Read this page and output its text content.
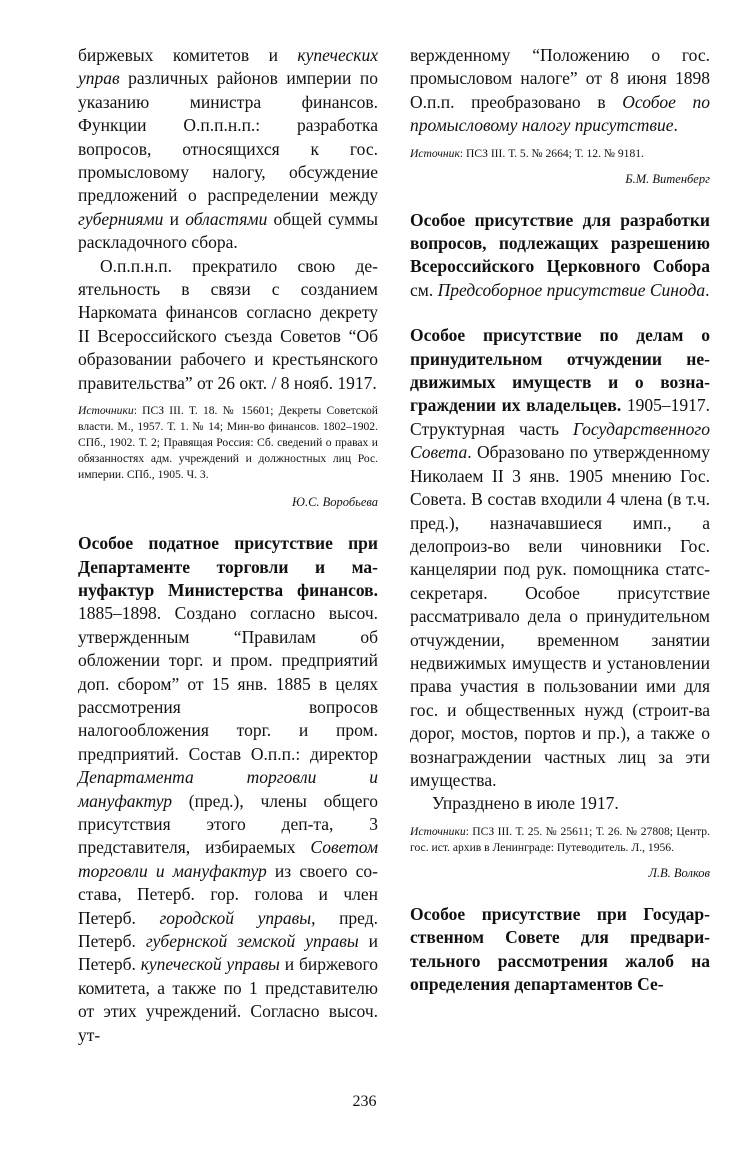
биржевых комитетов и купеческих управ различных районов империи по указанию министра финансов. Функции О.п.п.н.п.: разработка вопросов, относящихся к гос. промысловому налогу, обсуждение предложений о распределении между губерниями и областями общей суммы раскладочного сбора.

О.п.п.н.п. прекратило свою деятельность в связи с созданием Наркомата финансов согласно декрету II Всероссийского съезда Советов “Об образовании рабочего и крестьянского правительства” от 26 окт. / 8 нояб. 1917.

Источники: ПСЗ III. Т. 18. № 15601; Декреты Советской власти. М., 1957. Т. 1. № 14; Мин-во финансов. 1802–1902. СПб., 1902. Т. 2; Правящая Россия: Сб. сведений о правах и обязанностях адм. учреждений и должностных лиц Рос. империи. СПб., 1905. Ч. 3.

Ю.С. Воробьева

Особое податное присутствие при Департаменте торговли и мануфактур Министерства финансов. 1885–1898. Создано согласно высоч. утвержденным “Правилам об обложении торг. и пром. предприятий доп. сбором” от 15 янв. 1885 в целях рассмотрения вопросов налогообложения торг. и пром. предприятий. Состав О.п.п.: директор Департамента торговли и мануфактур (пред.), члены общего присутствия этого деп-та, 3 представителя, избираемых Советом торговли и мануфактур из своего состава, Петерб. гор. голова и член Петерб. городской управы, пред. Петерб. губернской земской управы и Петерб. купеческой управы и биржевого комитета, а также по 1 представителю от этих учреждений. Согласно высоч. ут-

вержденному “Положению о гос. промысловом налоге” от 8 июня 1898 О.п.п. преобразовано в Особое по промысловому налогу присутствие.

Источник: ПСЗ III. Т. 5. № 2664; Т. 12. № 9181.

Б.М. Витенберг

Особое присутствие для разработки вопросов, подлежащих разрешению Всероссийского Церковного Собора см. Предсоборное присутствие Синода.

Особое присутствие по делам о принудительном отчуждении недвижимых имуществ и о вознаграждении их владельцев. 1905–1917. Структурная часть Государственного Совета. Образовано по утвержденному Николаем II 3 янв. 1905 мнению Гос. Совета. В состав входили 4 члена (в т.ч. пред.), назначавшиеся имп., а делопроиз-во вели чиновники Гос. канцелярии под рук. помощника статс-секретаря. Особое присутствие рассматривало дела о принудительном отчуждении, временном занятии недвижимых имуществ и установлении права участия в пользовании ими для гос. и общественных нужд (строит-ва дорог, мостов, портов и пр.), а также о вознаграждении частных лиц за эти имущества.

Упразднено в июле 1917.

Источники: ПСЗ III. Т. 25. № 25611; Т. 26. № 27808; Центр. гос. ист. архив в Ленинграде: Путеводитель. Л., 1956.

Л.В. Волков

Особое присутствие при Государственном Совете для предварительного рассмотрения жалоб на определения департаментов Се-

236
